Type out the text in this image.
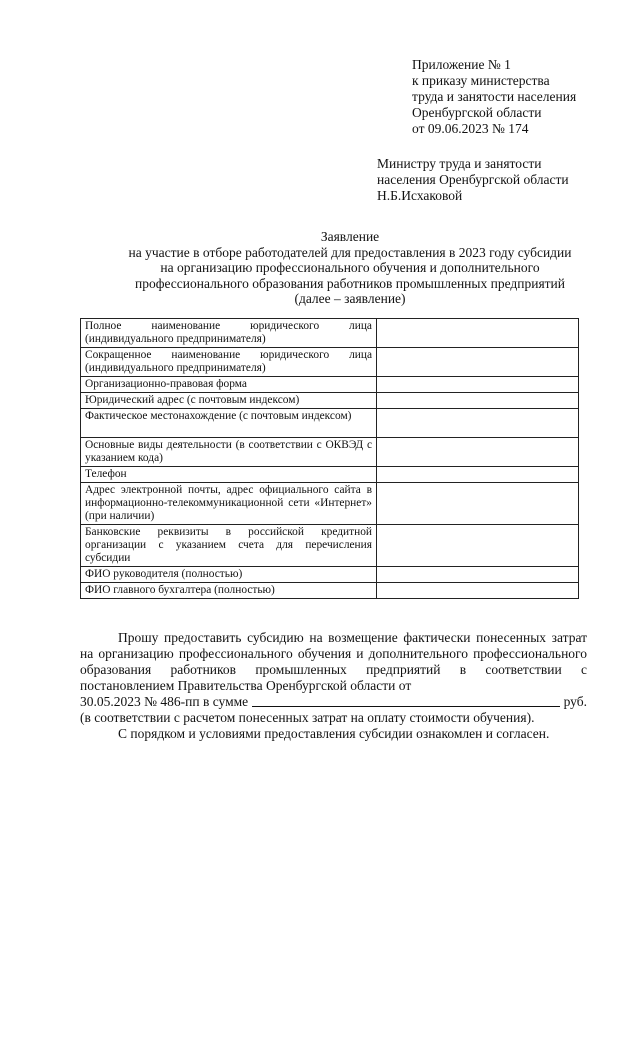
Приложение № 1
к приказу министерства
труда и занятости населения
Оренбургской области
от 09.06.2023 № 174
Министру труда и занятости
населения Оренбургской области
Н.Б.Исхаковой
Заявление
на участие в отборе работодателей для предоставления в 2023 году субсидии
на организацию профессионального обучения и дополнительного
профессионального образования работников промышленных предприятий
(далее – заявление)
Полное наименование юридического лица (индивидуального предпринимателя)	
Сокращенное наименование юридического лица (индивидуального предпринимателя)	
Организационно-правовая форма	
Юридический адрес (с почтовым индексом)	
Фактическое местонахождение (с почтовым индексом)	
Основные виды деятельности (в соответствии с ОКВЭД с указанием кода)	
Телефон	
Адрес электронной почты, адрес официального сайта в информационно-телекоммуникационной сети «Интернет» (при наличии)	
Банковские реквизиты в российской кредитной организации с указанием счета для перечисления субсидии	
ФИО руководителя (полностью)	
ФИО главного бухгалтера (полностью)	

Прошу предоставить субсидию на возмещение фактически понесенных затрат на организацию профессионального обучения и дополнительного профессионального образования работников промышленных предприятий в соответствии с постановлением Правительства Оренбургской области от

30.05.2023 № 486-пп в сумме	руб.

(в соответствии с расчетом понесенных затрат на оплату стоимости обучения).

С порядком и условиями предоставления субсидии ознакомлен и согласен.
